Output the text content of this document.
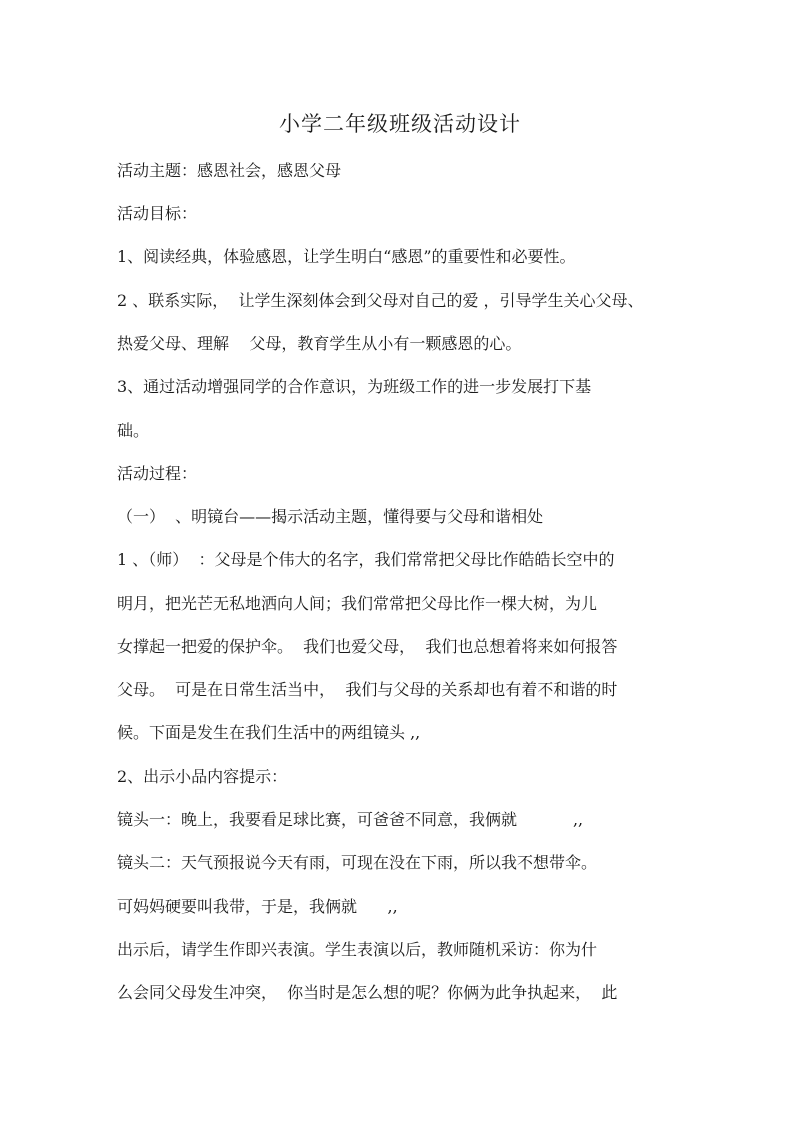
小学二年级班级活动设计
活动主题：感恩社会，感恩父母
活动目标：
1、阅读经典，体验感恩，让学生明白“感恩”的重要性和必要性。
2 、联系实际，  让学生深刻体会到父母对自己的爱 ，引导学生关心父母、
热爱父母、理解    父母，教育学生从小有一颗感恩的心。
3、通过活动增强同学的合作意识，为班级工作的进一步发展打下基
础。
活动过程：
（一）  、明镜台——揭示活动主题，懂得要与父母和谐相处
1 、（师）  ：父母是个伟大的名字，我们常常把父母比作皓皓长空中的
明月，把光芒无私地洒向人间；我们常常把父母比作一棵大树，为儿
女撑起一把爱的保护伞。  我们也爱父母，  我们也总想着将来如何报答
父母。  可是在日常生活当中，  我们与父母的关系却也有着不和谐的时
候。下面是发生在我们生活中的两组镜头 ,,
2、出示小品内容提示：
镜头一：晚上，我要看足球比赛，可爸爸不同意，我俩就           ,,
镜头二：天气预报说今天有雨，可现在没在下雨，所以我不想带伞。
可妈妈硬要叫我带，于是，我俩就      ,,
出示后，请学生作即兴表演。学生表演以后，教师随机采访：你为什
么会同父母发生冲突，  你当时是怎么想的呢？你俩为此争执起来，  此
